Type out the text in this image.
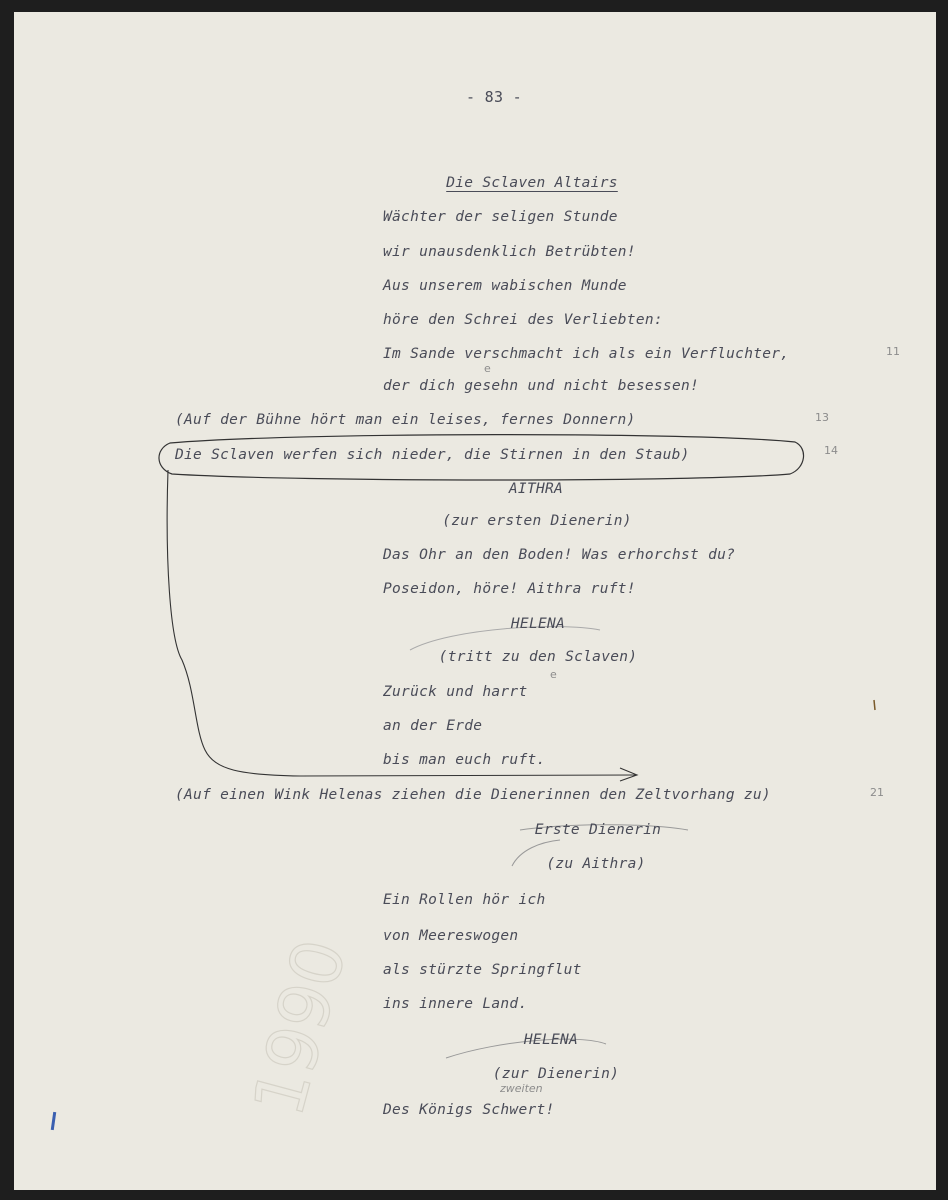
1990
- 83 -
Die Sclaven Altairs
Wächter der seligen Stunde
wir unausdenklich Betrübten!
Aus unserem wabischen Munde
höre den Schrei des Verliebten:
Im Sande verschmacht ich als ein Verfluchter,
der dich gesehn und nicht besessen!
e
(Auf der Bühne hört man ein leises, fernes Donnern)
Die Sclaven werfen sich nieder, die Stirnen in den Staub)
11
13
14
21
AITHRA
(zur ersten Dienerin)
Das Ohr an den Boden! Was erhorchst du?
Poseidon, höre! Aithra ruft!
HELENA
(tritt zu den Sclaven)
Zurück und harrt
e
an der Erde
bis man euch ruft.
(Auf einen Wink Helenas ziehen die Dienerinnen den Zeltvorhang zu)
Erste Dienerin
(zu Aithra)
Ein Rollen hör ich
von Meereswogen
als stürzte Springflut
ins innere Land.
HELENA
(zur Dienerin)
zweiten
Des Königs Schwert!
